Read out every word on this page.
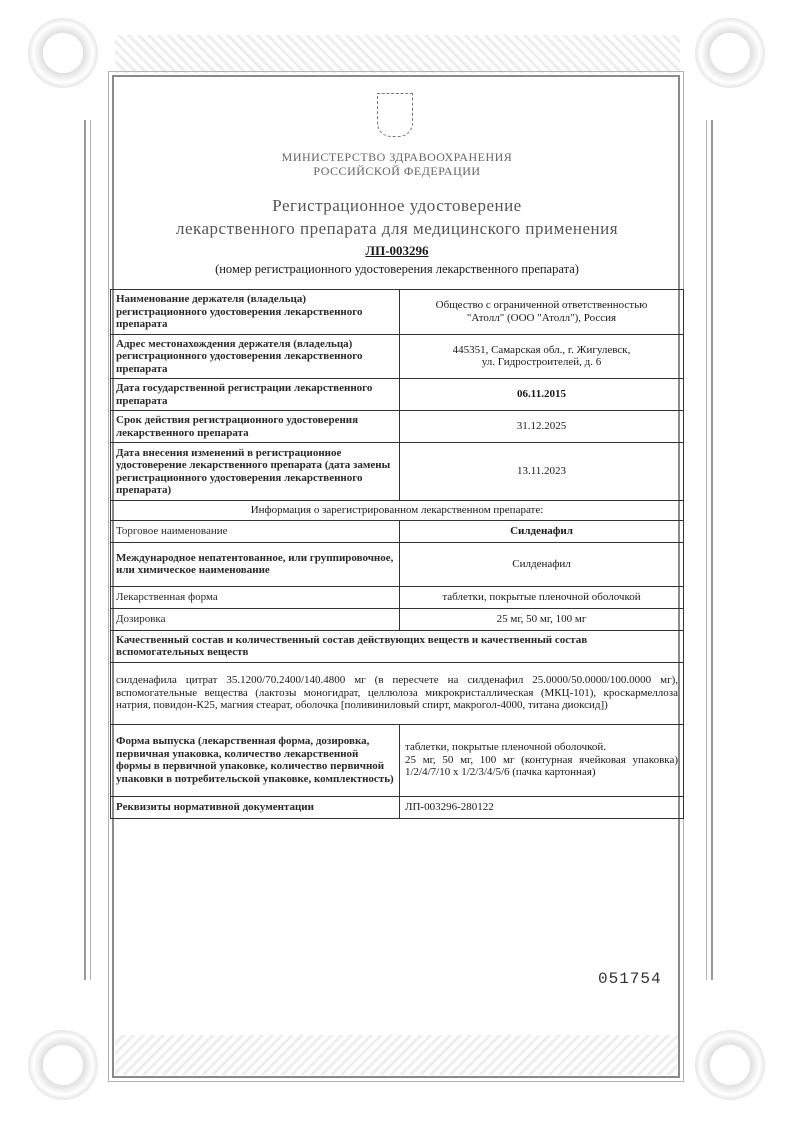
МИНИСТЕРСТВО ЗДРАВООХРАНЕНИЯ
РОССИЙСКОЙ ФЕДЕРАЦИИ
Регистрационное удостоверение
лекарственного препарата для медицинского применения
ЛП-003296
(номер регистрационного удостоверения лекарственного препарата)
Наименование держателя (владельца) регистрационного удостоверения лекарственного препарата	Общество с ограниченной ответственностью
"Атолл" (ООО "Атолл"), Россия

Адрес местонахождения держателя (владельца) регистрационного удостоверения лекарственного препарата	445351, Самарская обл., г. Жигулевск,
ул. Гидростроителей, д. 6

Дата государственной регистрации лекарственного препарата	06.11.2015
Срок действия регистрационного удостоверения лекарственного препарата	31.12.2025
Дата внесения изменений в регистрационное удостоверение лекарственного препарата (дата замены регистрационного удостоверения лекарственного препарата)	13.11.2023
Информация о зарегистрированном лекарственном препарате:	
Торговое наименование	Силденафил
Международное непатентованное, или группировочное, или химическое наименование	Силденафил
Лекарственная форма	таблетки, покрытые пленочной оболочкой
Дозировка	25 мг, 50 мг, 100 мг
Качественный состав и количественный состав действующих веществ и качественный состав вспомогательных веществ	
силденафила цитрат 35.1200/70.2400/140.4800 мг (в пересчете на силденафил 25.0000/50.0000/100.0000 мг), вспомогательные вещества (лактозы моногидрат, целлюлоза микрокристаллическая (МКЦ-101), кроскармеллоза натрия, повидон-К25, магния стеарат, оболочка [поливиниловый спирт, макрогол-4000, титана диоксид])	
Форма выпуска (лекарственная форма, дозировка, первичная упаковка, количество лекарственной формы в первичной упаковке, количество первичной упаковки в потребительской упаковке, комплектность)	таблетки, покрытые пленочной оболочкой.
25 мг, 50 мг, 100 мг (контурная ячейковая упаковка) 1/2/4/7/10 x 1/2/3/4/5/6 (пачка картонная)

Реквизиты нормативной документации	ЛП-003296-280122
051754
